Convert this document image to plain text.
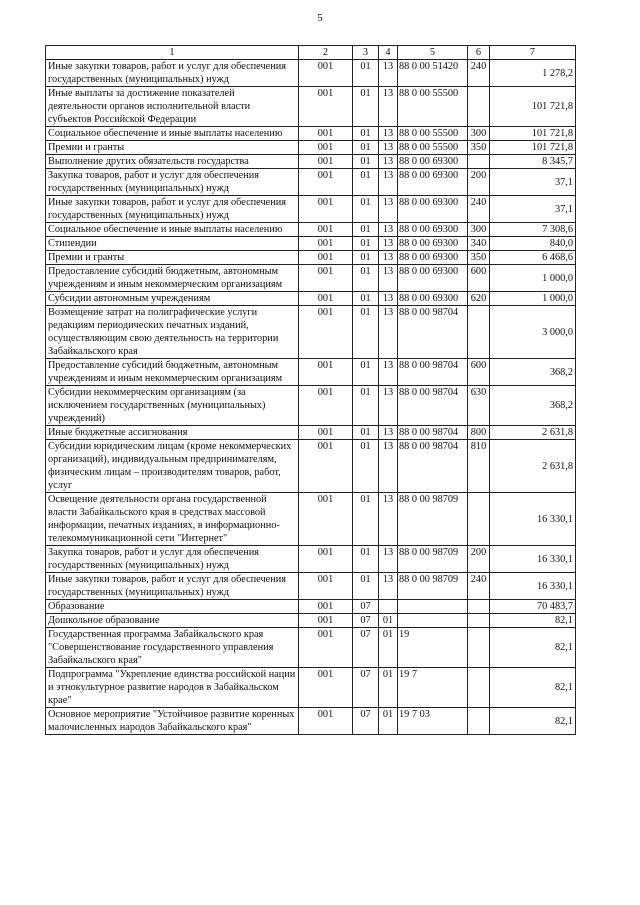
5
1	2	3	4	5	6	7
Иные закупки товаров, работ и услуг для обеспечения государственных (муниципальных) нужд	001	01	13	88 0 00 51420	240	1 278,2
Иные выплаты за достижение показателей деятельности органов исполнительной власти субъектов Российской Федерации	001	01	13	88 0 00 55500		101 721,8
Социальное обеспечение и иные выплаты населению	001	01	13	88 0 00 55500	300	101 721,8
Премии и гранты	001	01	13	88 0 00 55500	350	101 721,8
Выполнение других обязательств государства	001	01	13	88 0 00 69300		8 345,7
Закупка товаров, работ и услуг для обеспечения государственных (муниципальных) нужд	001	01	13	88 0 00 69300	200	37,1
Иные закупки товаров, работ и услуг для обеспечения государственных (муниципальных) нужд	001	01	13	88 0 00 69300	240	37,1
Социальное обеспечение и иные выплаты населению	001	01	13	88 0 00 69300	300	7 308,6
Стипендии	001	01	13	88 0 00 69300	340	840,0
Премии и гранты	001	01	13	88 0 00 69300	350	6 468,6
Предоставление субсидий бюджетным, автономным учреждениям и иным некоммерческим организациям	001	01	13	88 0 00 69300	600	1 000,0
Субсидии автономным учреждениям	001	01	13	88 0 00 69300	620	1 000,0
Возмещение затрат на полиграфические услуги редакциям периодических печатных изданий, осуществляющим свою деятельность на территории Забайкальского края	001	01	13	88 0 00 98704		3 000,0
Предоставление субсидий бюджетным, автономным учреждениям и иным некоммерческим организациям	001	01	13	88 0 00 98704	600	368,2
Субсидии некоммерческим организациям (за исключением государственных (муниципальных) учреждений)	001	01	13	88 0 00 98704	630	368,2
Иные бюджетные ассигнования	001	01	13	88 0 00 98704	800	2 631,8
Субсидии юридическим лицам (кроме некоммерческих организаций), индивидуальным предпринимателям, физическим лицам – производителям товаров, работ, услуг	001	01	13	88 0 00 98704	810	2 631,8
Освещение деятельности органа государственной власти Забайкальского края в средствах массовой информации, печатных изданиях, в информационно-телекоммуникационной сети "Интернет"	001	01	13	88 0 00 98709		16 330,1
Закупка товаров, работ и услуг для обеспечения государственных (муниципальных) нужд	001	01	13	88 0 00 98709	200	16 330,1
Иные закупки товаров, работ и услуг для обеспечения государственных (муниципальных) нужд	001	01	13	88 0 00 98709	240	16 330,1
Образование	001	07				70 483,7
Дошкольное образование	001	07	01			82,1
Государственная программа Забайкальского края "Совершенствование государственного управления Забайкальского края"	001	07	01	19		82,1
Подпрограмма "Укрепление единства российской нации и этнокультурное развитие народов в Забайкальском крае"	001	07	01	19 7		82,1
Основное мероприятие "Устойчивое развитие коренных малочисленных народов Забайкальского края"	001	07	01	19 7 03		82,1
